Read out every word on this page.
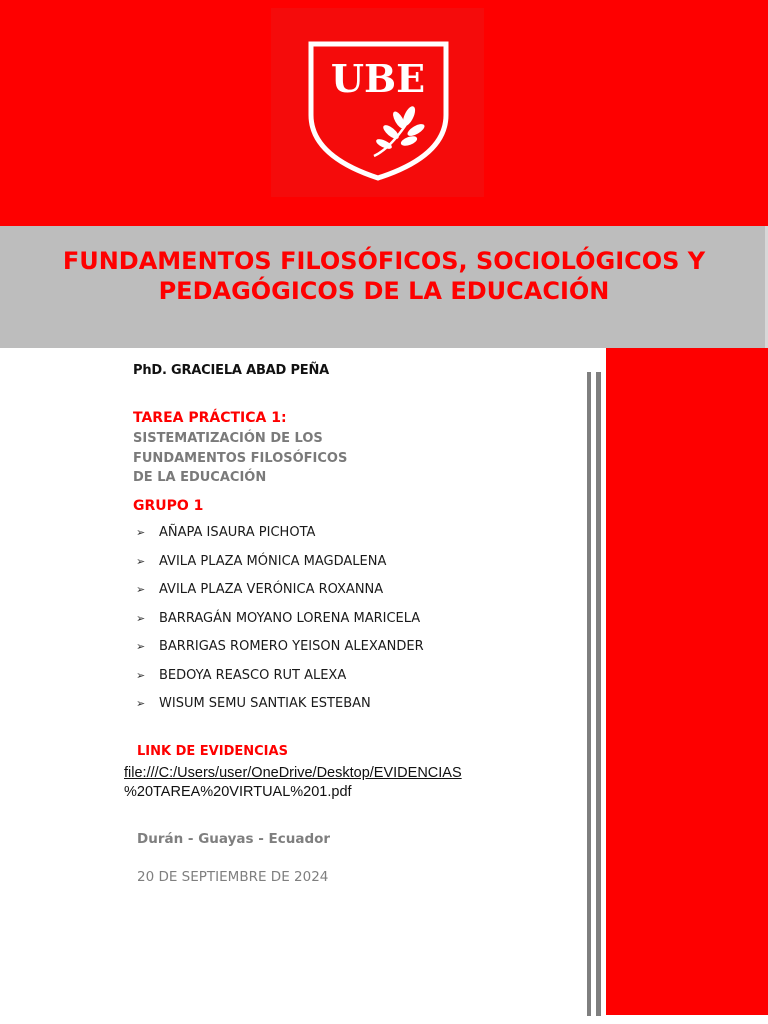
UBE
FUNDAMENTOS FILOSÓFICOS, SOCIOLÓGICOS Y
PEDAGÓGICOS DE LA EDUCACIÓN
PhD. GRACIELA ABAD PEÑA
TAREA PRÁCTICA 1:
SISTEMATIZACIÓN DE LOS
FUNDAMENTOS FILOSÓFICOS
DE LA EDUCACIÓN
GRUPO 1
➢	AÑAPA ISAURA PICHOTA
➢	AVILA PLAZA MÓNICA MAGDALENA
➢	AVILA PLAZA VERÓNICA ROXANNA
➢	BARRAGÁN MOYANO LORENA MARICELA
➢	BARRIGAS ROMERO YEISON ALEXANDER
➢	BEDOYA REASCO RUT ALEXA
➢	WISUM SEMU SANTIAK ESTEBAN
LINK DE EVIDENCIAS
file:///C:/Users/user/OneDrive/Desktop/EVIDENCIAS
%20TAREA%20VIRTUAL%201.pdf
Durán - Guayas - Ecuador
20 DE SEPTIEMBRE DE 2024
